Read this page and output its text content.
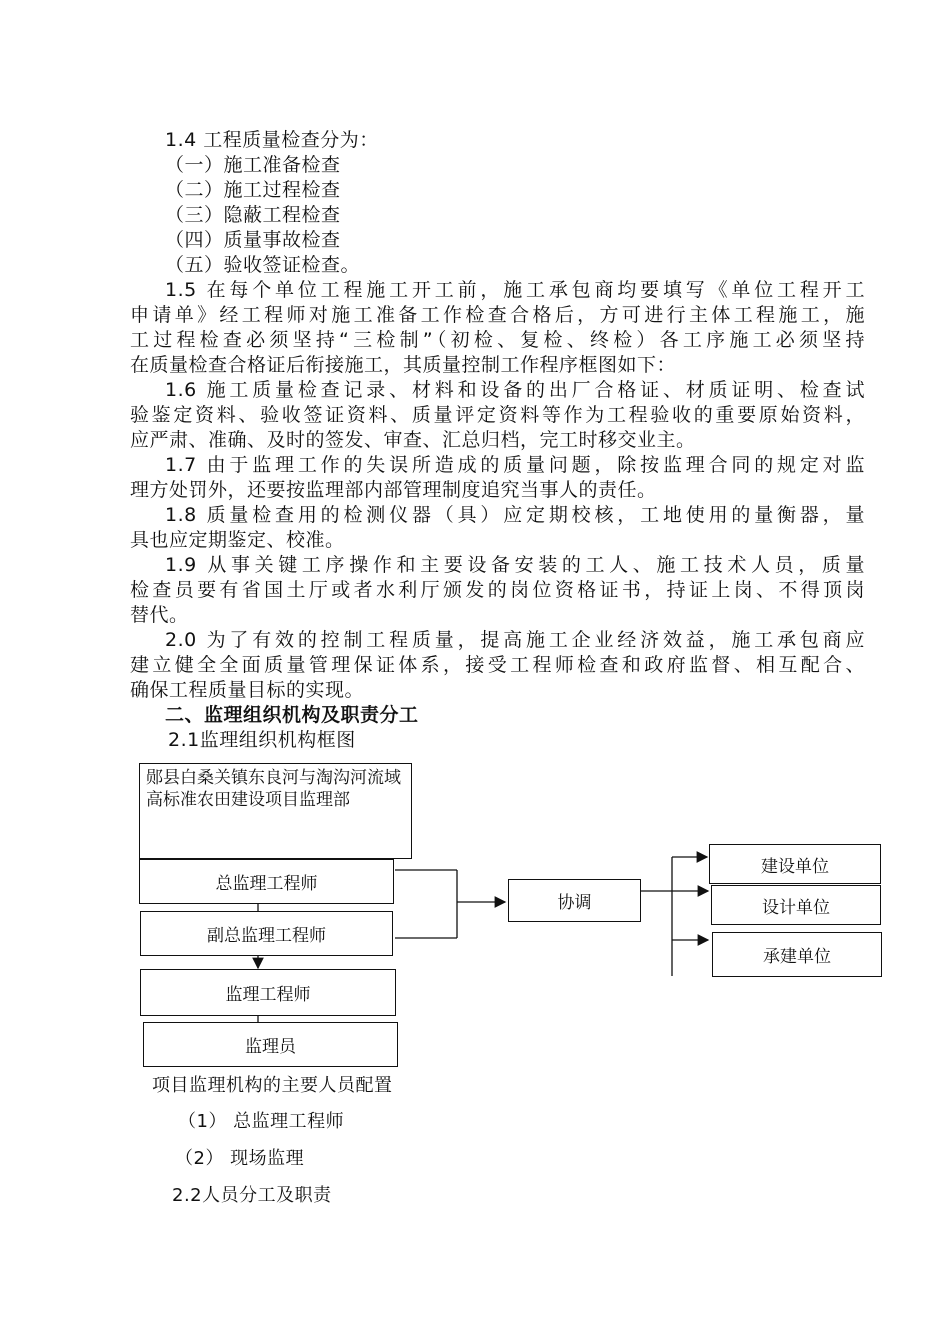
1.4 工程质量检查分为：
（一）施工准备检查
（二）施工过程检查
（三）隐蔽工程检查
（四）质量事故检查
（五）验收签证检查。
1.5 在每个单位工程施工开工前，施工承包商均要填写《单位工程开工
申请单》经工程师对施工准备工作检查合格后，方可进行主体工程施工，施
工过程检查必须坚持“三检制”（初检、复检、终检）各工序施工必须坚持
在质量检查合格证后衔接施工，其质量控制工作程序框图如下：
1.6 施工质量检查记录、材料和设备的出厂合格证、材质证明、检查试
验鉴定资料、验收签证资料、质量评定资料等作为工程验收的重要原始资料，
应严肃、准确、及时的签发、审查、汇总归档，完工时移交业主。
1.7 由于监理工作的失误所造成的质量问题，除按监理合同的规定对监
理方处罚外，还要按监理部内部管理制度追究当事人的责任。
1.8 质量检查用的检测仪器（具）应定期校核，工地使用的量衡器，量
具也应定期鉴定、校准。
1.9 从事关键工序操作和主要设备安装的工人、施工技术人员，质量
检查员要有省国土厅或者水利厅颁发的岗位资格证书，持证上岗、不得顶岗
替代。
2.0 为了有效的控制工程质量，提高施工企业经济效益，施工承包商应
建立健全全面质量管理保证体系，接受工程师检查和政府监督、相互配合、
确保工程质量目标的实现。
二、监理组织机构及职责分工
2.1监理组织机构框图
郧县白桑关镇东良河与淘沟河流域高标准农田建设项目监理部
总监理工程师
副总监理工程师
监理工程师
监理员
协调
建设单位
设计单位
承建单位
项目监理机构的主要人员配置
（1） 总监理工程师
（2） 现场监理
2.2人员分工及职责
